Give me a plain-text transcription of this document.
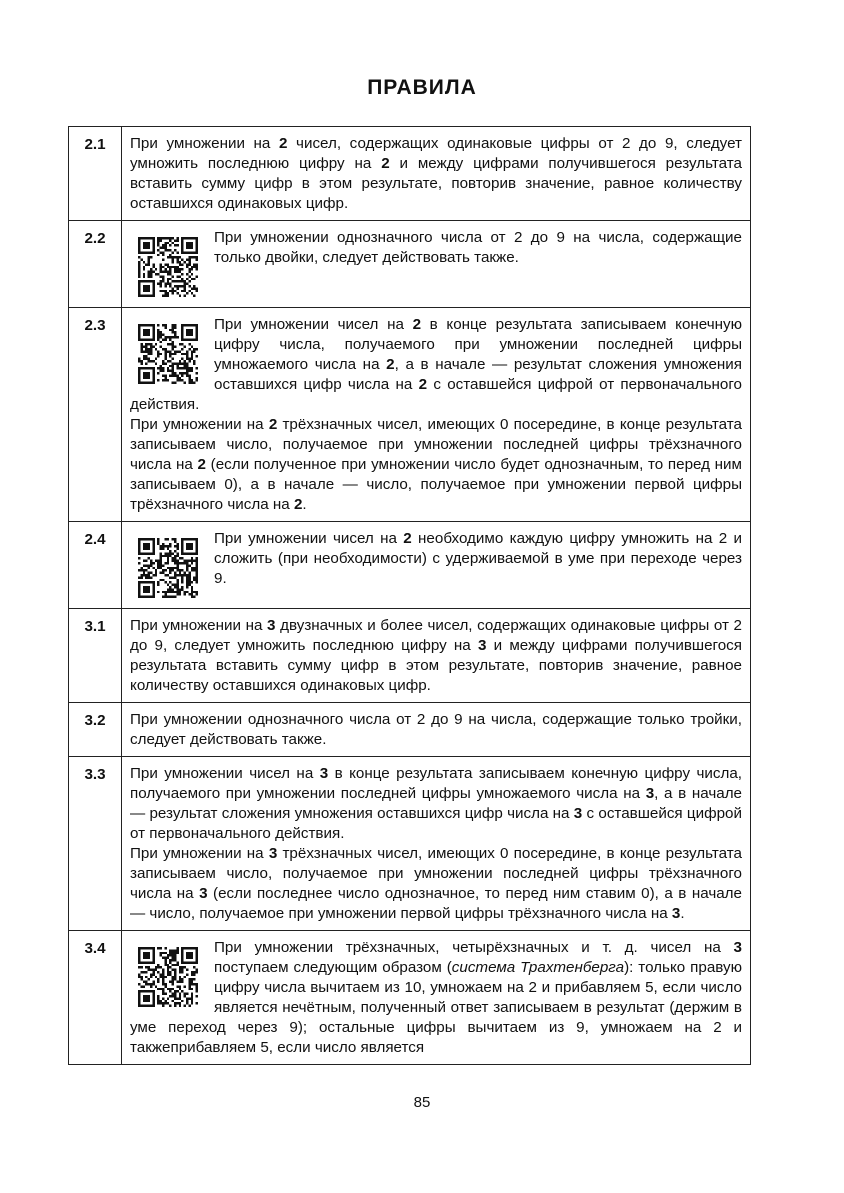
ПРАВИЛА
2.1	При умножении на 2 чисел, содержащих одинаковые цифры от 2 до 9, следует умножить последнюю цифру на 2 и между цифрами получившегося результата вставить сумму цифр в этом результате, повторив значение, равное количеству оставшихся одинаковых цифр.

2.2	При умножении однозначного числа от 2 до 9 на числа, содержащие только двойки, следует действовать также.

2.3	При умножении чисел на 2 в конце результата записываем конечную цифру числа, получаемого при умножении последней цифры умножаемого числа на 2, а в начале — результат сложения умножения оставшихся цифр числа на 2 с оставшейся цифрой от первоначального действия.

При умножении на 2 трёхзначных чисел, имеющих 0 посередине, в конце результата записываем число, получаемое при умножении последней цифры трёхзначного числа на 2 (если полученное при умножении число будет однозначным, то перед ним записываем 0), а в начале — число, получаемое при умножении первой цифры трёхзначного числа на 2.

2.4	При умножении чисел на 2 необходимо каждую цифру умножить на 2 и сложить (при необходимости) с удерживаемой в уме при переходе через 9.

3.1	При умножении на 3 двузначных и более чисел, содержащих одинаковые цифры от 2 до 9, следует умножить последнюю цифру на 3 и между цифрами получившегося результата вставить сумму цифр в этом результате, повторив значение, равное количеству оставшихся одинаковых цифр.

3.2	При умножении однозначного числа от 2 до 9 на числа, содержащие только тройки, следует действовать также.

3.3	При умножении чисел на 3 в конце результата записываем конечную цифру числа, получаемого при умножении последней цифры умножаемого числа на 3, а в начале — результат сложения умножения оставшихся цифр числа на 3 с оставшейся цифрой от первоначального действия.

При умножении на 3 трёхзначных чисел, имеющих 0 посередине, в конце результата записываем число, получаемое при умножении последней цифры трёхзначного числа на 3 (если последнее число однозначное, то перед ним ставим 0), а в начале — число, получаемое при умножении первой цифры трёхзначного числа на 3.

3.4	При умножении трёхзначных, четырёхзначных и т. д. чисел на 3 поступаем следующим образом (система Трахтенберга): только правую цифру числа вычитаем из 10, умножаем на 2 и прибавляем 5, если число является нечётным, полученный ответ записываем в результат (держим в уме переход через 9); остальные цифры вычитаем из 9, умножаем на 2 и такжеприбавляем 5, если число является

85
